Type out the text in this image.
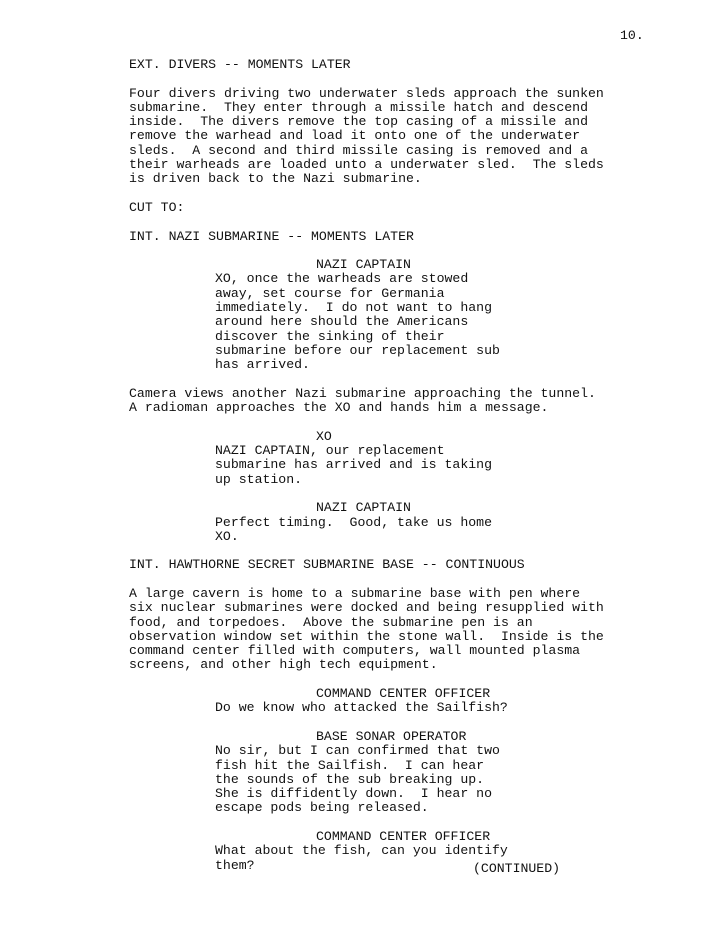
10.
EXT. DIVERS -- MOMENTS LATER
Four divers driving two underwater sleds approach the sunken
submarine.  They enter through a missile hatch and descend
inside.  The divers remove the top casing of a missile and
remove the warhead and load it onto one of the underwater
sleds.  A second and third missile casing is removed and a
their warheads are loaded unto a underwater sled.  The sleds
is driven back to the Nazi submarine.
CUT TO:
INT. NAZI SUBMARINE -- MOMENTS LATER
NAZI CAPTAIN
XO, once the warheads are stowed
away, set course for Germania
immediately.  I do not want to hang
around here should the Americans
discover the sinking of their
submarine before our replacement sub
has arrived.
Camera views another Nazi submarine approaching the tunnel.
A radioman approaches the XO and hands him a message.
XO
NAZI CAPTAIN, our replacement
submarine has arrived and is taking
up station.
NAZI CAPTAIN
Perfect timing.  Good, take us home
XO.
INT. HAWTHORNE SECRET SUBMARINE BASE -- CONTINUOUS
A large cavern is home to a submarine base with pen where
six nuclear submarines were docked and being resupplied with
food, and torpedoes.  Above the submarine pen is an
observation window set within the stone wall.  Inside is the
command center filled with computers, wall mounted plasma
screens, and other high tech equipment.
COMMAND CENTER OFFICER
Do we know who attacked the Sailfish?
BASE SONAR OPERATOR
No sir, but I can confirmed that two
fish hit the Sailfish.  I can hear
the sounds of the sub breaking up.
She is diffidently down.  I hear no
escape pods being released.
COMMAND CENTER OFFICER
What about the fish, can you identify
them?	(CONTINUED)
